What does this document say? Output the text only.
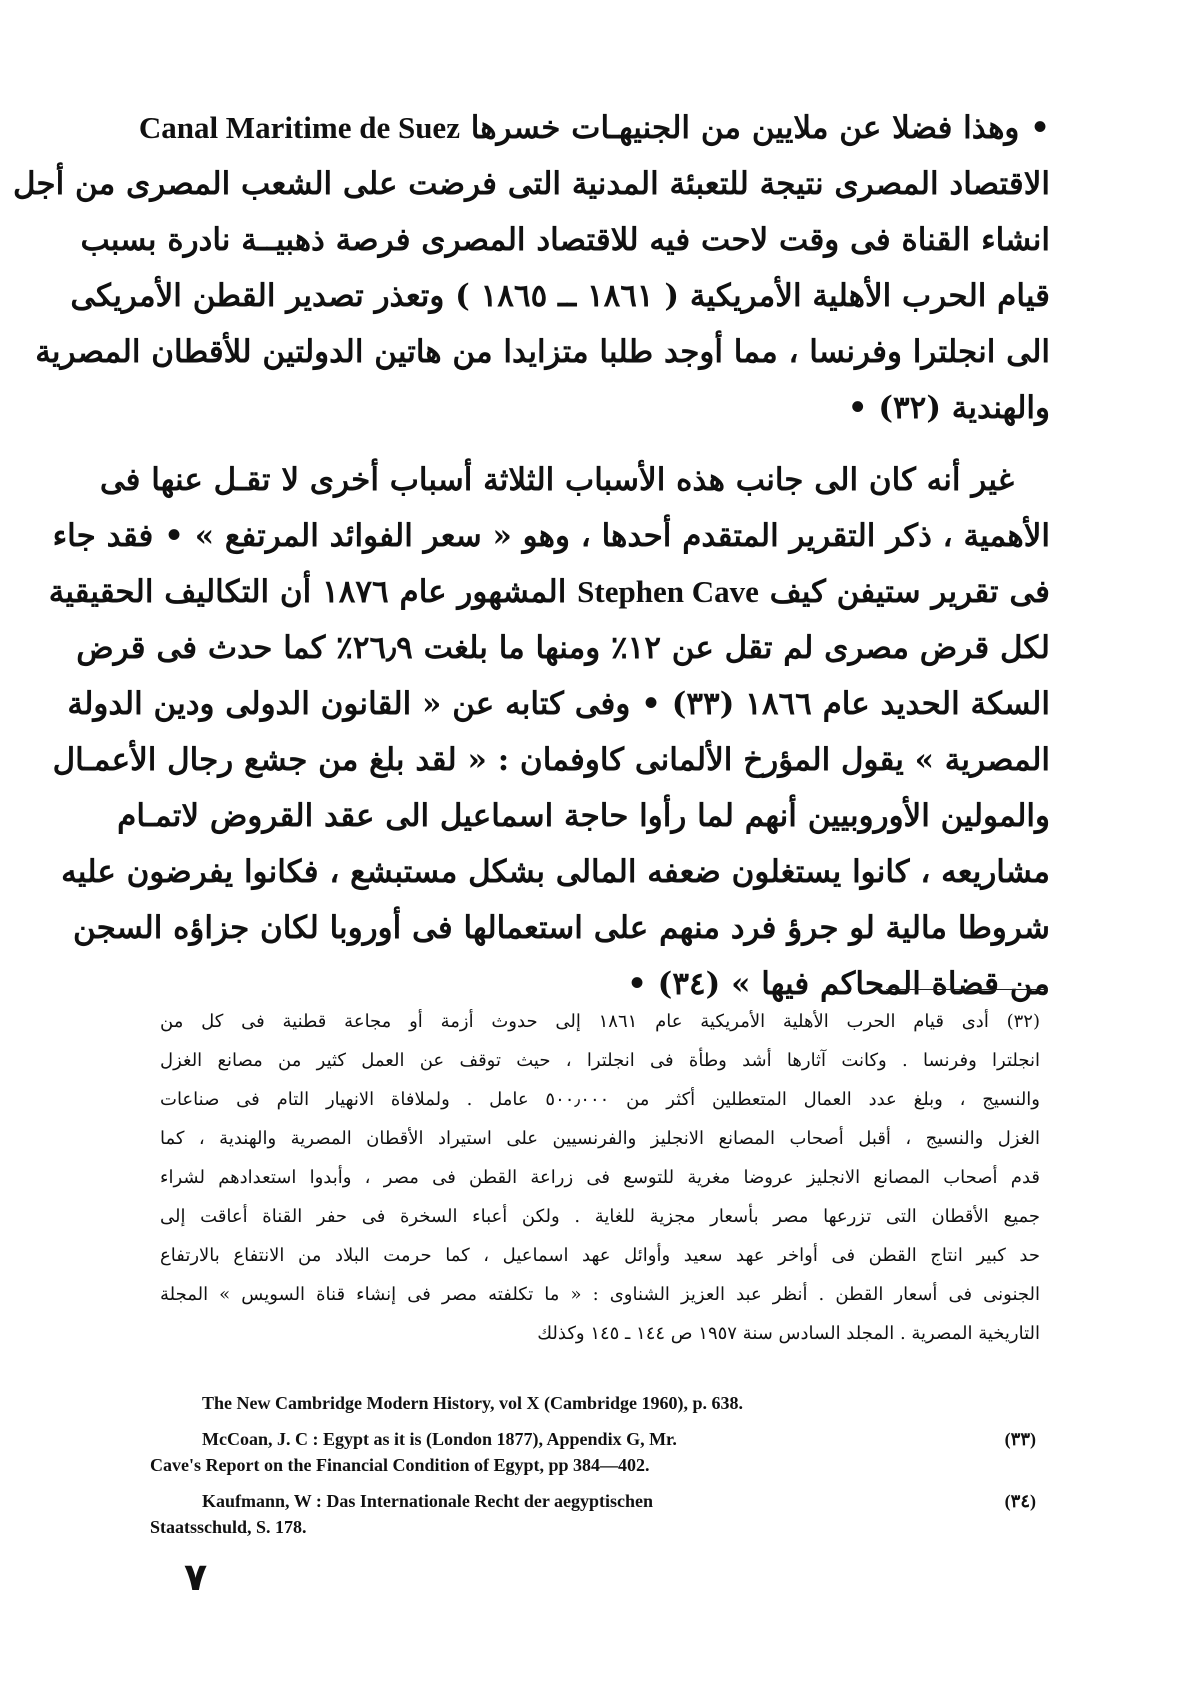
• وهذا فضلا عن ملايين من الجنيهـات خسرها Canal Maritime de Suez

الاقتصاد المصرى نتيجة للتعبئة المدنية التى فرضت على الشعب المصرى من أجل

انشاء القناة فى وقت لاحت فيه للاقتصاد المصرى فرصة ذهبيــة نادرة بسبب

قيام الحرب الأهلية الأمريكية ( ١٨٦١ ــ ١٨٦٥ ) وتعذر تصدير القطن الأمريكى

الى انجلترا وفرنسا ، مما أوجد طلبا متزايدا من هاتين الدولتين للأقطان المصرية

والهندية (٣٢) •

غير أنه كان الى جانب هذه الأسباب الثلاثة أسباب أخرى لا تقـل عنها فى

الأهمية ، ذكر التقرير المتقدم أحدها ، وهو « سعر الفوائد المرتفع » • فقد جاء

فى تقرير ستيفن كيف Stephen Cave المشهور عام ١٨٧٦ أن التكاليف الحقيقية

لكل قرض مصرى لم تقل عن ١٢٪ ومنها ما بلغت ٢٦٫٩٪ كما حدث فى قرض

السكة الحديد عام ١٨٦٦ (٣٣) • وفى كتابه عن « القانون الدولى ودين الدولة

المصرية » يقول المؤرخ الألمانى كاوفمان : « لقد بلغ من جشع رجال الأعمـال

والمولين الأوروبيين أنهم لما رأوا حاجة اسماعيل الى عقد القروض لاتمـام

مشاريعه ، كانوا يستغلون ضعفه المالى بشكل مستبشع ، فكانوا يفرضون عليه

شروطا مالية لو جرؤ فرد منهم على استعمالها فى أوروبا لكان جزاؤه السجن

من قضاة المحاكم فيها » (٣٤) •

(٣٢) أدى قيام الحرب الأهلية الأمريكية عام ١٨٦١ إلى حدوث أزمة أو مجاعة قطنية فى كل من

انجلترا وفرنسا . وكانت آثارها أشد وطأة فى انجلترا ، حيث توقف عن العمل كثير من مصانع الغزل

والنسيج ، وبلغ عدد العمال المتعطلين أكثر من ٥٠٠٫٠٠٠ عامل . ولملافاة الانهيار التام فى صناعات

الغزل والنسيج ، أقبل أصحاب المصانع الانجليز والفرنسيين على استيراد الأقطان المصرية والهندية ، كما

قدم أصحاب المصانع الانجليز عروضا مغرية للتوسع فى زراعة القطن فى مصر ، وأبدوا استعدادهم لشراء

جميع الأقطان التى تزرعها مصر بأسعار مجزية للغاية . ولكن أعباء السخرة فى حفر القناة أعاقت إلى

حد كبير انتاج القطن فى أواخر عهد سعيد وأوائل عهد اسماعيل ، كما حرمت البلاد من الانتفاع بالارتفاع

الجنونى فى أسعار القطن . أنظر عبد العزيز الشناوى : « ما تكلفته مصر فى إنشاء قناة السويس » المجلة

التاريخية المصرية . المجلد السادس سنة ١٩٥٧ ص ١٤٤ ـ ١٤٥ وكذلك

The New Cambridge Modern History, vol X (Cambridge 1960), p. 638.

McCoan, J. C : Egypt as it is (London 1877), Appendix G, Mr.	(٣٣)

Cave's Report on the Financial Condition of Egypt, pp 384—402.

Kaufmann, W : Das Internationale Recht der aegyptischen	(٣٤)

Staatsschuld, S. 178.

٧
